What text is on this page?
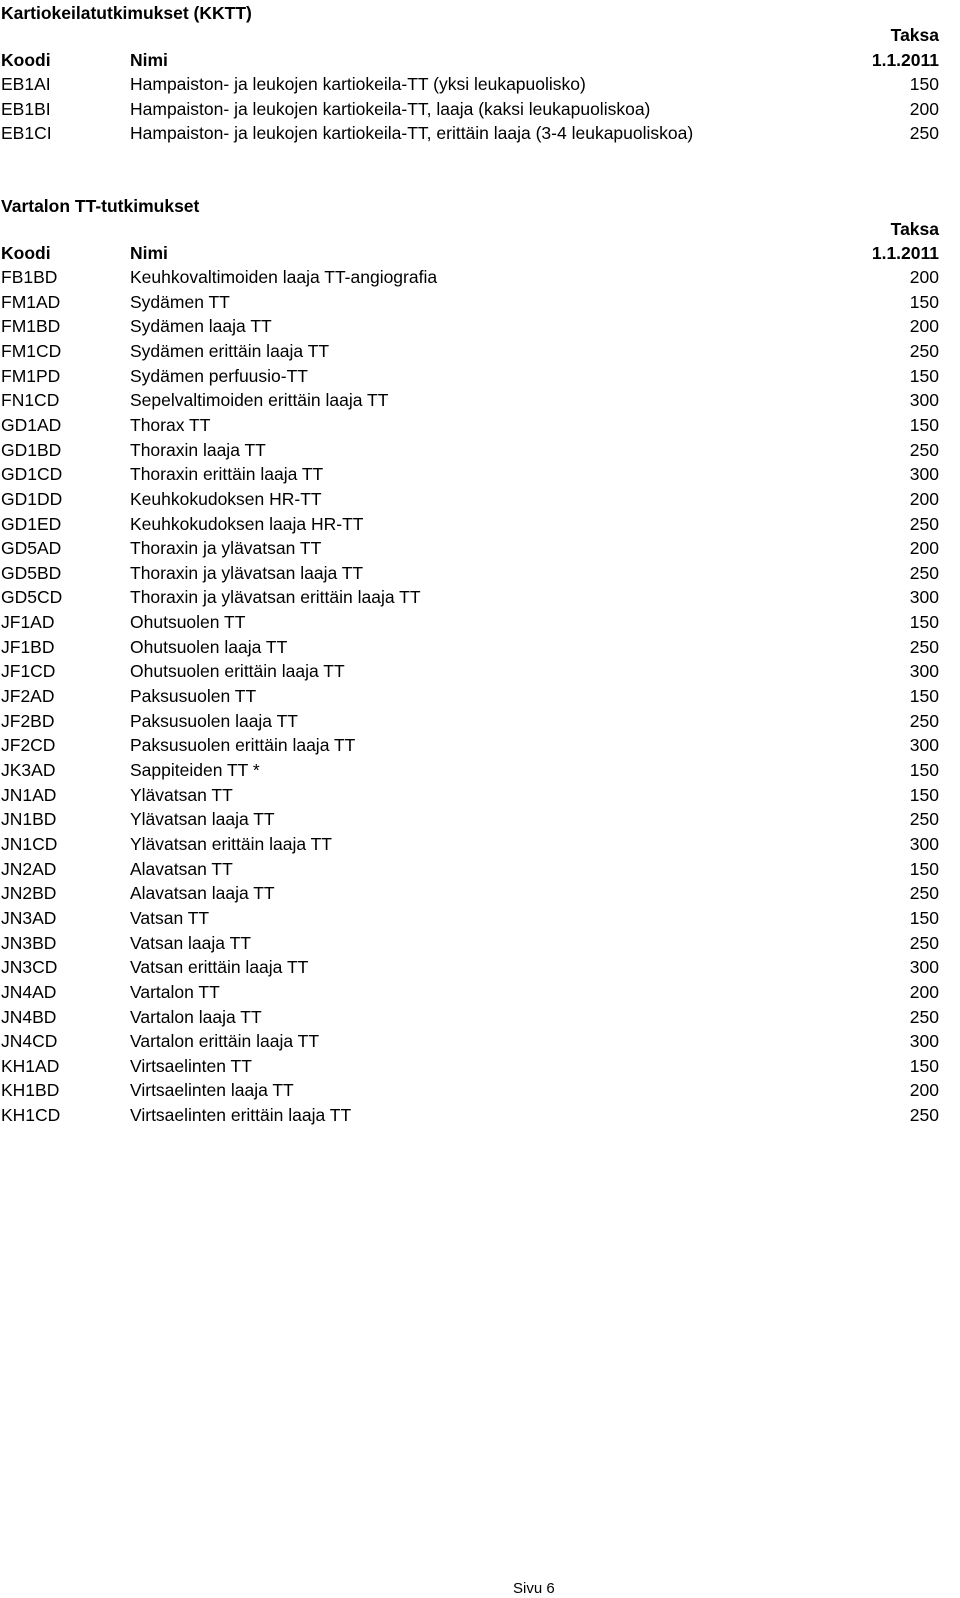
Kartiokeilatutkimukset (KKTT)
Taksa
Koodi	Nimi	1.1.2011
EB1AI	Hampaiston- ja leukojen kartiokeila-TT (yksi leukapuolisko)	150
EB1BI	Hampaiston- ja leukojen kartiokeila-TT, laaja (kaksi leukapuoliskoa)	200
EB1CI	Hampaiston- ja leukojen kartiokeila-TT, erittäin laaja (3-4 leukapuoliskoa)	250
Vartalon TT-tutkimukset
Taksa
Koodi	Nimi	1.1.2011
FB1BD	Keuhkovaltimoiden laaja TT-angiografia	200
FM1AD	Sydämen TT	150
FM1BD	Sydämen laaja TT	200
FM1CD	Sydämen erittäin laaja TT	250
FM1PD	Sydämen perfuusio-TT	150
FN1CD	Sepelvaltimoiden erittäin laaja TT	300
GD1AD	Thorax TT	150
GD1BD	Thoraxin laaja TT	250
GD1CD	Thoraxin erittäin laaja TT	300
GD1DD	Keuhkokudoksen HR-TT	200
GD1ED	Keuhkokudoksen laaja HR-TT	250
GD5AD	Thoraxin ja ylävatsan TT	200
GD5BD	Thoraxin ja ylävatsan laaja TT	250
GD5CD	Thoraxin ja ylävatsan erittäin laaja TT	300
JF1AD	Ohutsuolen TT	150
JF1BD	Ohutsuolen laaja TT	250
JF1CD	Ohutsuolen erittäin laaja TT	300
JF2AD	Paksusuolen TT	150
JF2BD	Paksusuolen laaja TT	250
JF2CD	Paksusuolen erittäin laaja TT	300
JK3AD	Sappiteiden TT *	150
JN1AD	Ylävatsan TT	150
JN1BD	Ylävatsan laaja TT	250
JN1CD	Ylävatsan erittäin laaja TT	300
JN2AD	Alavatsan TT	150
JN2BD	Alavatsan laaja TT	250
JN3AD	Vatsan TT	150
JN3BD	Vatsan laaja TT	250
JN3CD	Vatsan erittäin laaja TT	300
JN4AD	Vartalon TT	200
JN4BD	Vartalon laaja TT	250
JN4CD	Vartalon erittäin laaja TT	300
KH1AD	Virtsaelinten TT	150
KH1BD	Virtsaelinten laaja TT	200
KH1CD	Virtsaelinten erittäin laaja TT	250
Sivu 6
